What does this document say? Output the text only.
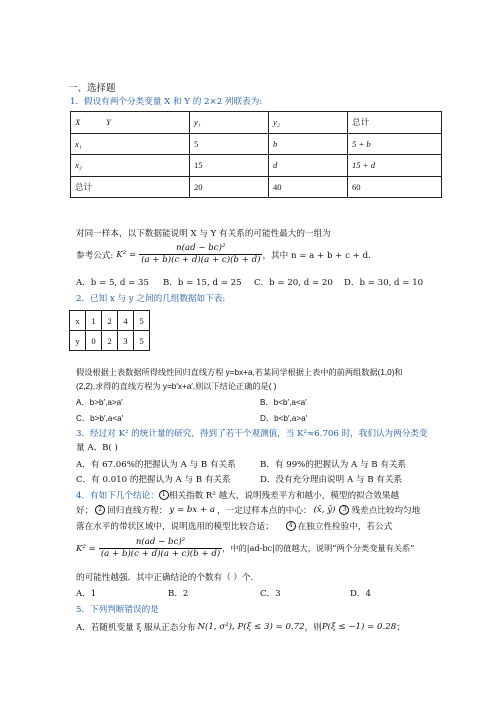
一、选择题
1．假设有两个分类变量 X 和 Y 的 2×2 列联表为:
X Y	y₁	y₂	总计
x₁	5	b	5 + b
x₂	15	d	15 + d
总计	20	40	60
对同一样本，以下数据能说明 X 与 Y 有关系的可能性最大的一组为
参考公式: $K^2 = \frac{\text{n(ad − bc)²}}{(a + b)(c + d)(a + c)(b + d)}$ ，其中 n = a + b + c + d．
A．b = 5, d = 35 B．b = 15, d = 25 C．b = 20, d = 20 D．b = 30, d = 10
2．已知 x 与 y 之间的几组数据如下表:
x	1	2	4	5
y	0	2	3	5
假设根据上表数据所得线性回归直线方程 y=bx+a,若某同学根据上表中的前两组数据(1,0)和
(2,2),求得的直线方程为 y=b′x+a′,则以下结论正确的是( )
A．b>b′,a>a′	B．b<b′,a<a′
C．b>b′,a<a′	D．b<b′,a>a′
3．经过对 K² 的统计量的研究，得到了若干个观测值，当 K²≈6.706 时，我们认为两分类变
量 A、B( )
A．有 67.06%的把握认为 A 与 B 有关系	B．有 99%的把握认为 A 与 B 有关系
C．有 0.010 的把握认为 A 与 B 有关系	D．没有充分理由说明 A 与 B 有关系
4．有如下几个结论： 1 相关指数 R² 越大，说明残差平方和越小，模型的拟合效果越
好； 2 回归直线方程： y = bx + a ，一定过样本点的中心： (x̄, ȳ)	3 残差点比较均匀地
落在水平的带状区域中，说明选用的模型比较合适；	4 在独立性检验中，若公式
$K^2 = \frac{\text{n(ad − bc)²}}{(a + b)(c + d)(a + c)(b + d)}$ ，中的|ad-bc|的值越大，说明“两个分类变量有关系”
的可能性越强．其中正确结论的个数有（ ）个．
A．1	B．2	C．3	D．4
5．下列判断错误的是
A．若随机变量 ξ 服从正态分布 N(1, σ²), P(ξ ≤ 3) = 0.72 ，则 P(ξ ≤ −1) = 0.28 ；
